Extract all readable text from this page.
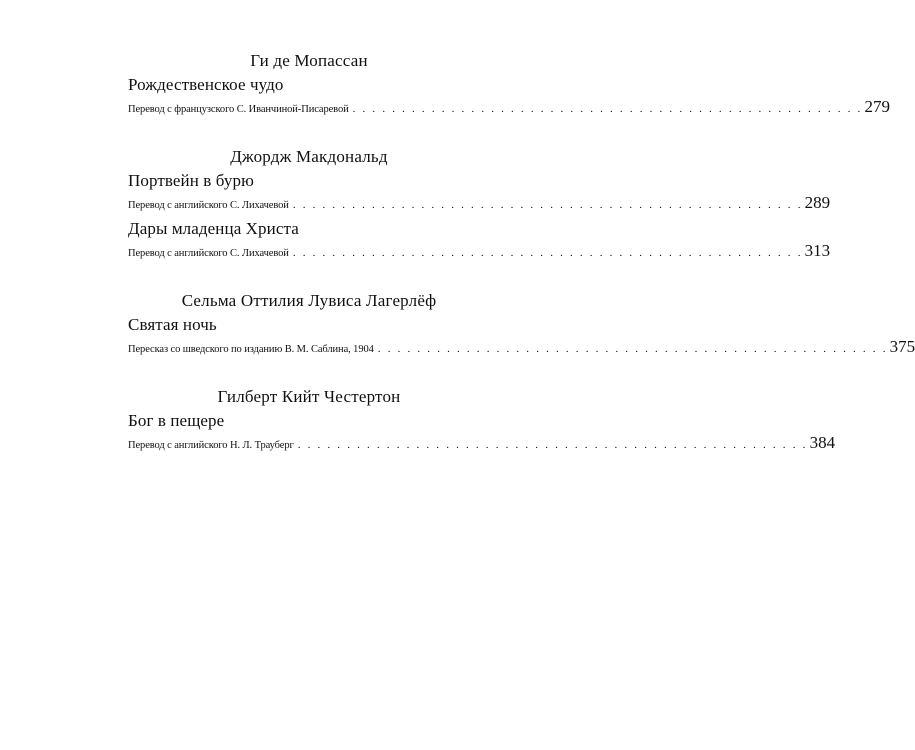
Ги де Мопассан

Рождественское чудо

Перевод с французского С. Иванчиной-Писаревой . . . . . . . . . . . . . . . . . . . . . . . . . . . . . . . . . . . . . . . . . . . . . . . . . . . . 279

Джордж Макдональд

Портвейн в бурю

Перевод с английского С. Лихачевой . . . . . . . . . . . . . . . . . . . . . . . . . . . . . . . . . . . . . . . . . . . . . . . . . . . . 289

Дары младенца Христа

Перевод с английского С. Лихачевой . . . . . . . . . . . . . . . . . . . . . . . . . . . . . . . . . . . . . . . . . . . . . . . . . . . . 313

Сельма Оттилия Лувиса Лагерлёф

Святая ночь

Пересказ со шведского по изданию В. М. Саблина, 1904 . . . . . . . . . . . . . . . . . . . . . . . . . . . . . . . . . . . . . . . . . . . . . . . . . . . . 375

Гилберт Кийт Честертон

Бог в пещере

Перевод с английского Н. Л. Трауберг . . . . . . . . . . . . . . . . . . . . . . . . . . . . . . . . . . . . . . . . . . . . . . . . . . . . 384
